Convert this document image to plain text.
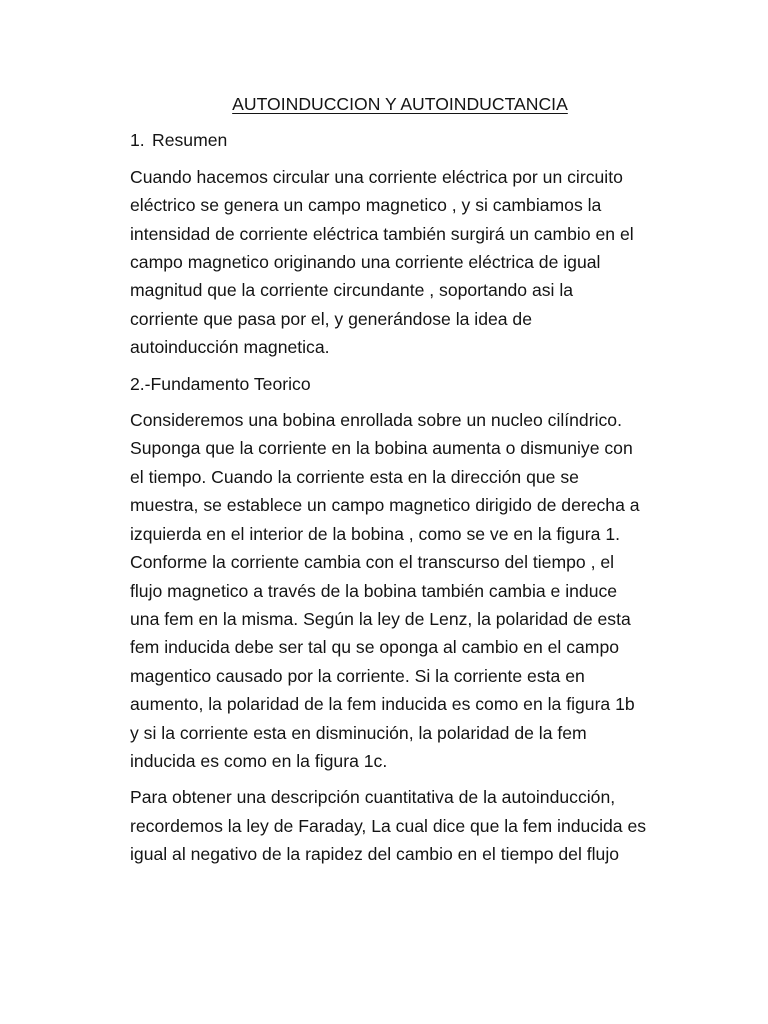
AUTOINDUCCION Y AUTOINDUCTANCIA
1. Resumen
Cuando hacemos circular una corriente eléctrica por un circuito
eléctrico se genera un campo magnetico , y si cambiamos la
intensidad de corriente eléctrica también surgirá un cambio en el
campo magnetico originando una corriente eléctrica de igual
magnitud que la corriente circundante , soportando asi la
corriente que pasa por el, y generándose la idea de
autoinducción magnetica.
2.-Fundamento Teorico
Consideremos una bobina enrollada sobre un nucleo cilíndrico.
Suponga que la corriente en la bobina aumenta o dismuniye con
el tiempo. Cuando la corriente esta en la dirección que se
muestra, se establece un campo magnetico dirigido de derecha a
izquierda en el interior de la bobina , como se ve en la figura 1.
Conforme la corriente cambia con el transcurso del tiempo , el
flujo magnetico a través de la bobina también cambia e induce
una fem en la misma. Según la ley de Lenz, la polaridad de esta
fem inducida debe ser tal qu se oponga al cambio en el campo
magentico causado por la corriente. Si la corriente esta en
aumento, la polaridad de la fem inducida es como en la figura 1b
y si la corriente esta en disminución, la polaridad de la fem
inducida es como en la figura 1c.
Para obtener una descripción cuantitativa de la autoinducción,
recordemos la ley de Faraday, La cual dice que la fem inducida es
igual al negativo de la rapidez del cambio en el tiempo del flujo
